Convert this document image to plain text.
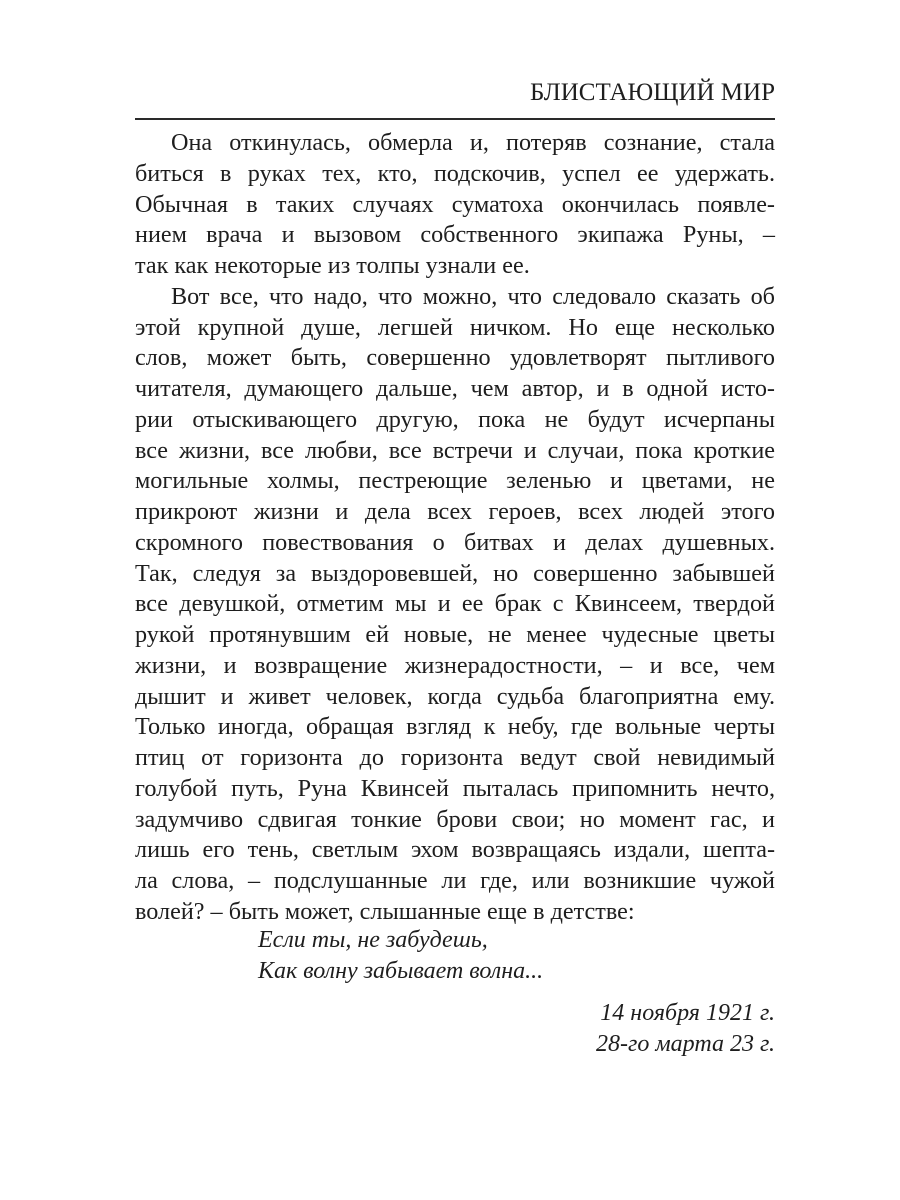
БЛИСТАЮЩИЙ МИР
Она откинулась, обмерла и, потеряв сознание, стала
биться в руках тех, кто, подскочив, успел ее удержать.
Обычная в таких случаях суматоха окончилась появле-
нием врача и вызовом собственного экипажа Руны, –
так как некоторые из толпы узнали ее.
Вот все, что надо, что можно, что следовало сказать об
этой крупной душе, легшей ничком. Но еще несколько
слов, может быть, совершенно удовлетворят пытливого
читателя, думающего дальше, чем автор, и в одной исто-
рии отыскивающего другую, пока не будут исчерпаны
все жизни, все любви, все встречи и случаи, пока кроткие
могильные холмы, пестреющие зеленью и цветами, не
прикроют жизни и дела всех героев, всех людей этого
скромного повествования о битвах и делах душевных.
Так, следуя за выздоровевшей, но совершенно забывшей
все девушкой, отметим мы и ее брак с Квинсеем, твердой
рукой протянувшим ей новые, не менее чудесные цветы
жизни, и возвращение жизнерадостности, – и все, чем
дышит и живет человек, когда судьба благоприятна ему.
Только иногда, обращая взгляд к небу, где вольные черты
птиц от горизонта до горизонта ведут свой невидимый
голубой путь, Руна Квинсей пыталась припомнить нечто,
задумчиво сдвигая тонкие брови свои; но момент гас, и
лишь его тень, светлым эхом возвращаясь издали, шепта-
ла слова, – подслушанные ли где, или возникшие чужой
волей? – быть может, слышанные еще в детстве:
Если ты, не забудешь,
Как волну забывает волна...
14 ноября 1921 г.
28-го марта 23 г.
